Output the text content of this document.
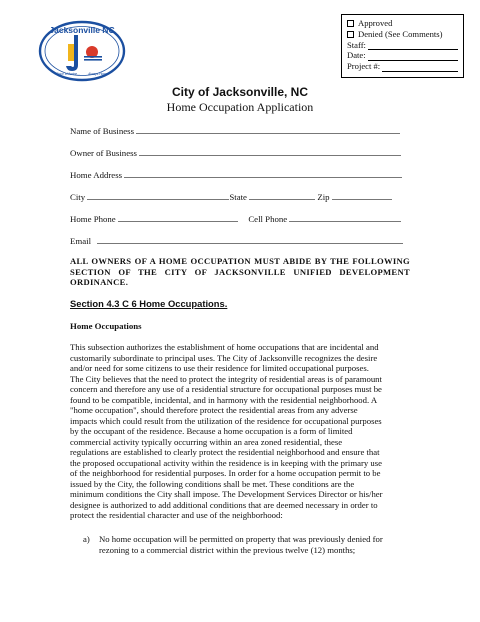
Jacksonville NC
Once a Marine...	Always Home
Approved
Denied (See Comments)
Staff:
Date:
Project #:
City of Jacksonville, NC
Home Occupation Application
Name of Business
Owner of Business
Home Address
City	State	Zip
Home Phone	Cell Phone
Email
ALL OWNERS OF A HOME OCCUPATION MUST ABIDE BY THE FOLLOWING SECTION OF THE CITY OF JACKSONVILLE UNIFIED DEVELOPMENT ORDINANCE.
Section 4.3 C 6 Home Occupations.
Home Occupations
This subsection authorizes the establishment of home occupations that are incidental and
customarily subordinate to principal uses. The City of Jacksonville recognizes the desire
and/or need for some citizens to use their residence for limited occupational purposes.
The City believes that the need to protect the integrity of residential areas is of paramount
concern and therefore any use of a residential structure for occupational purposes must be
found to be compatible, incidental, and in harmony with the residential neighborhood. A
"home occupation", should therefore protect the residential areas from any adverse
impacts which could result from the utilization of the residence for occupational purposes
by the occupant of the residence. Because a home occupation is a form of limited
commercial activity typically occurring within an area zoned residential, these
regulations are established to clearly protect the residential neighborhood and ensure that
the proposed occupational activity within the residence is in keeping with the primary use
of the neighborhood for residential purposes. In order for a home occupation permit to be
issued by the City, the following conditions shall be met. These conditions are the
minimum conditions the City shall impose. The Development Services Director or his/her
designee is authorized to add additional conditions that are deemed necessary in order to
protect the residential character and use of the neighborhood:
a) No home occupation will be permitted on property that was previously denied for
rezoning to a commercial district within the previous twelve (12) months;
